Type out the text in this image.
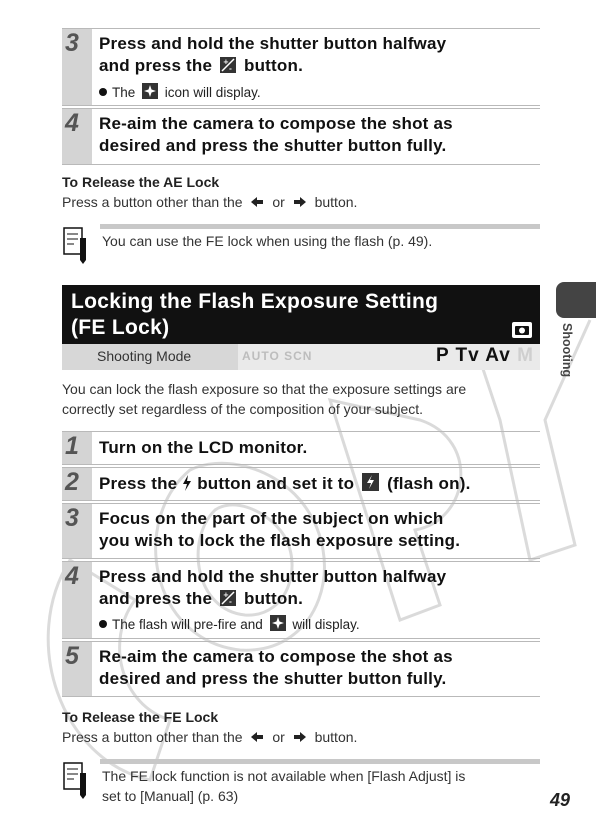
3 Press and hold the shutter button halfway
and press the +
- button.
The icon will display.
4 Re-aim the camera to compose the shot as
desired and press the shutter button fully.
To Release the AE Lock
Press a button other than the or button.
You can use the FE lock when using the flash (p. 49).
Locking the Flash Exposure Setting
(FE Lock)
Shooting Mode	AUTO SCN	P Tv Av M
You can lock the flash exposure so that the exposure settings are
correctly set regardless of the composition of your subject.
1 Turn on the LCD monitor.
2 Press the button and set it to (flash on).
3 Focus on the part of the subject on which
you wish to lock the flash exposure setting.
4 Press and hold the shutter button halfway
and press the +
- button.
The flash will pre-fire and will display.
5 Re-aim the camera to compose the shot as
desired and press the shutter button fully.
To Release the FE Lock
Press a button other than the or button.
The FE lock function is not available when [Flash Adjust] is
set to [Manual] (p. 63)
Shooting
49
